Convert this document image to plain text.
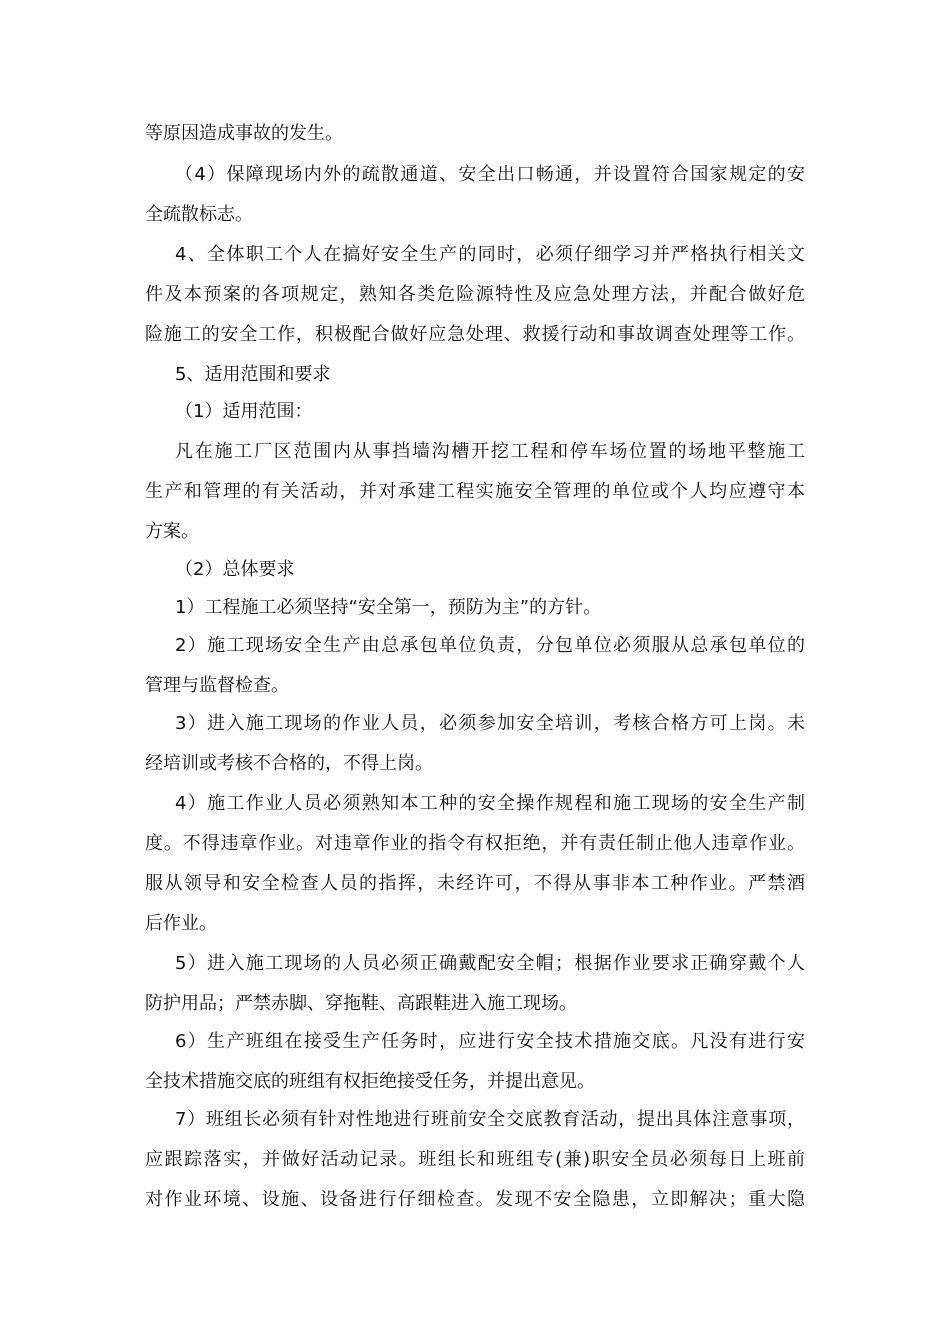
等原因造成事故的发生。
（4）保障现场内外的疏散通道、安全出口畅通，并设置符合国家规定的安
全疏散标志。
4、全体职工个人在搞好安全生产的同时，必须仔细学习并严格执行相关文
件及本预案的各项规定，熟知各类危险源特性及应急处理方法，并配合做好危
险施工的安全工作，积极配合做好应急处理、救援行动和事故调查处理等工作。
5、适用范围和要求
（1）适用范围：
凡在施工厂区范围内从事挡墙沟槽开挖工程和停车场位置的场地平整施工
生产和管理的有关活动，并对承建工程实施安全管理的单位或个人均应遵守本
方案。
（2）总体要求
1）工程施工必须坚持“安全第一，预防为主”的方针。
2）施工现场安全生产由总承包单位负责，分包单位必须服从总承包单位的
管理与监督检查。
3）进入施工现场的作业人员，必须参加安全培训，考核合格方可上岗。未
经培训或考核不合格的，不得上岗。
4）施工作业人员必须熟知本工种的安全操作规程和施工现场的安全生产制
度。不得违章作业。对违章作业的指令有权拒绝，并有责任制止他人违章作业。
服从领导和安全检查人员的指挥，未经许可，不得从事非本工种作业。严禁酒
后作业。
5）进入施工现场的人员必须正确戴配安全帽；根据作业要求正确穿戴个人
防护用品；严禁赤脚、穿拖鞋、高跟鞋进入施工现场。
6）生产班组在接受生产任务时，应进行安全技术措施交底。凡没有进行安
全技术措施交底的班组有权拒绝接受任务，并提出意见。
7）班组长必须有针对性地进行班前安全交底教育活动，提出具体注意事项，
应跟踪落实，并做好活动记录。班组长和班组专(兼)职安全员必须每日上班前
对作业环境、设施、设备进行仔细检查。发现不安全隐患，立即解决；重大隐
